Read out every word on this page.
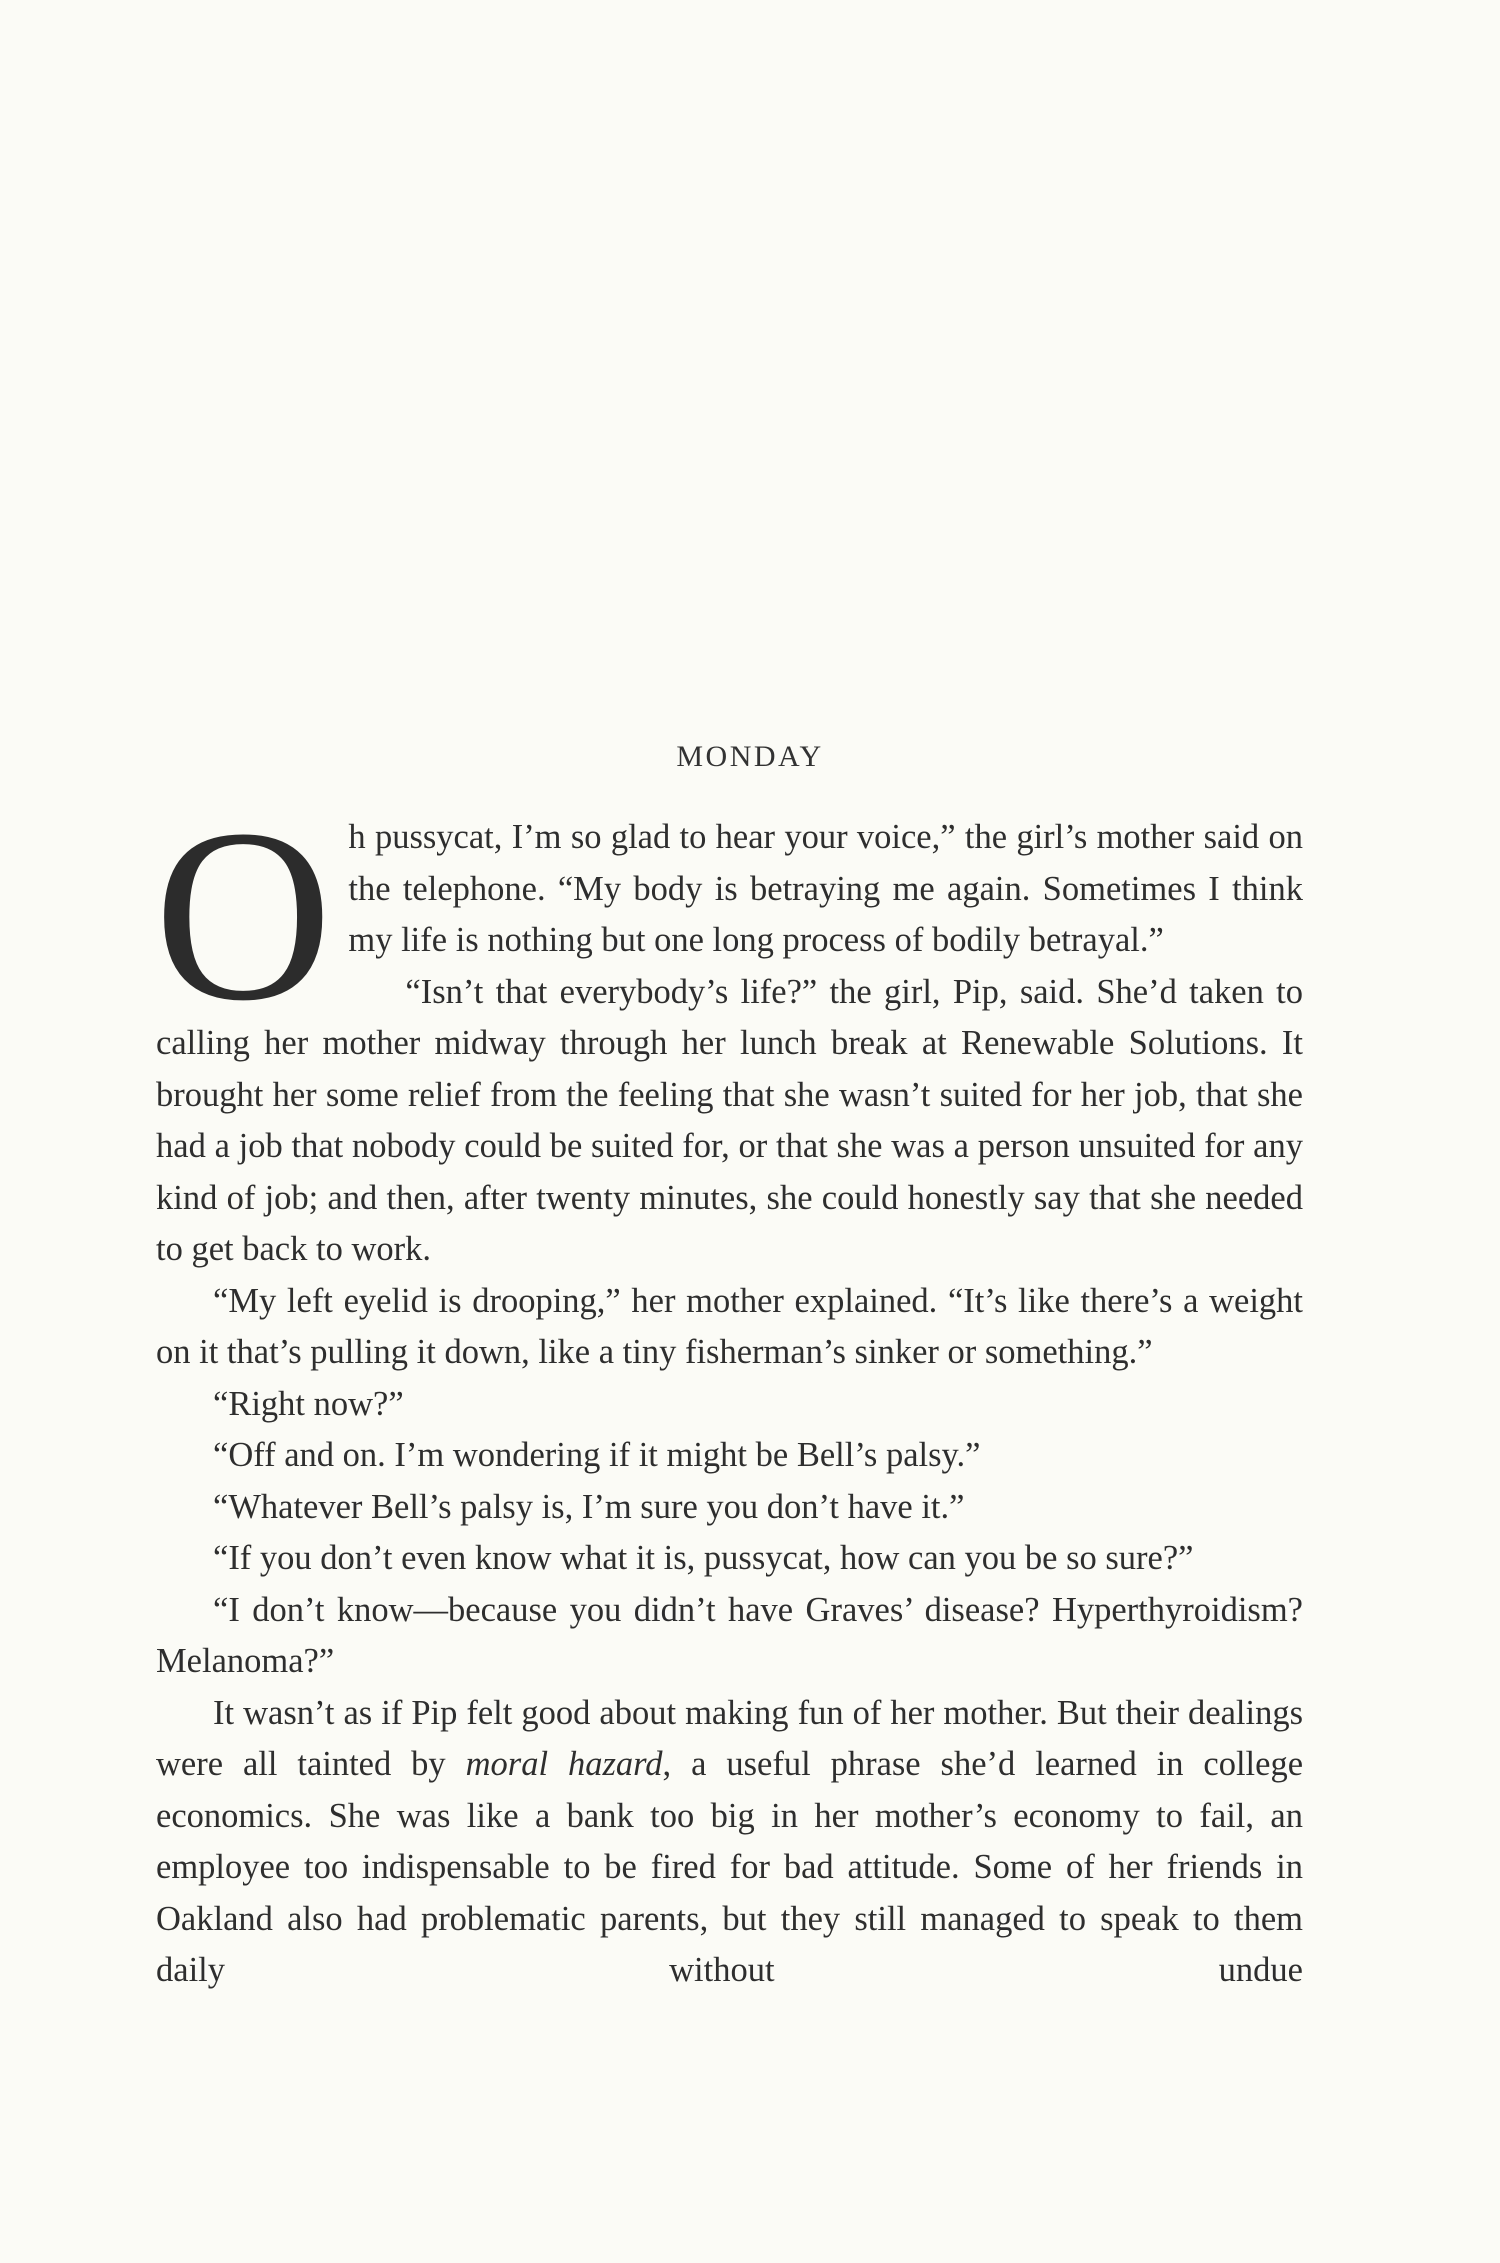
MONDAY
O h pussycat, I’m so glad to hear your voice,” the girl’s mother said on the telephone. “My body is betraying me again. Sometimes I think my life is nothing but one long process of bodily betrayal.”

“Isn’t that everybody’s life?” the girl, Pip, said. She’d taken to calling her mother midway through her lunch break at Renewable Solutions. It brought her some relief from the feeling that she wasn’t suited for her job, that she had a job that nobody could be suited for, or that she was a person unsuited for any kind of job; and then, after twenty minutes, she could honestly say that she needed to get back to work.

“My left eyelid is drooping,” her mother explained. “It’s like there’s a weight on it that’s pulling it down, like a tiny fisherman’s sinker or something.”

“Right now?”

“Off and on. I’m wondering if it might be Bell’s palsy.”

“Whatever Bell’s palsy is, I’m sure you don’t have it.”

“If you don’t even know what it is, pussycat, how can you be so sure?”

“I don’t know—because you didn’t have Graves’ disease? Hyperthyroidism? Melanoma?”

It wasn’t as if Pip felt good about making fun of her mother. But their dealings were all tainted by moral hazard, a useful phrase she’d learned in college economics. She was like a bank too big in her mother’s economy to fail, an employee too indispensable to be fired for bad attitude. Some of her friends in Oakland also had problematic parents, but they still managed to speak to them daily without undue
